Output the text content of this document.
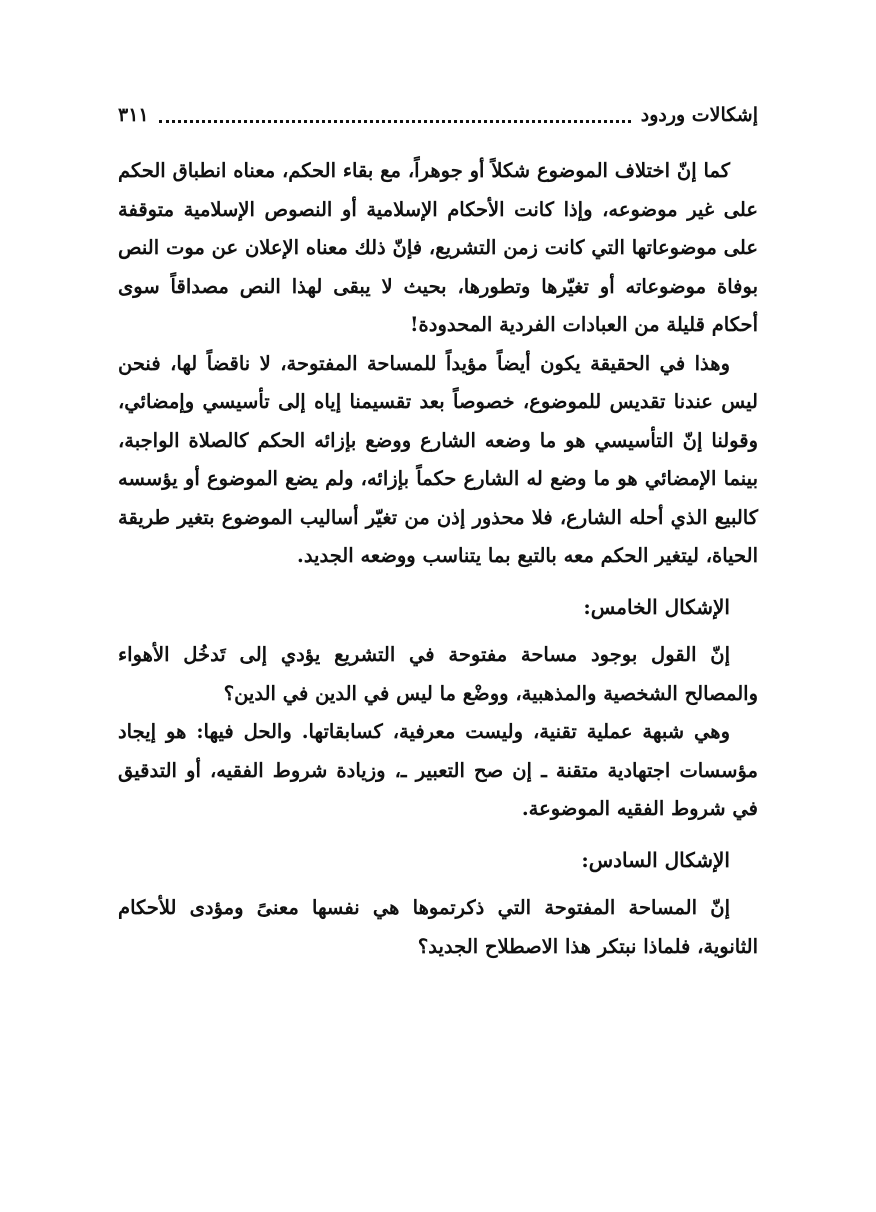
إشكالات وردود
٣١١

كما إنّ اختلاف الموضوع شكلاً أو جوهراً، مع بقاء الحكم، معناه انطباق الحكم على غير موضوعه، وإذا كانت الأحكام الإسلامية أو النصوص الإسلامية متوقفة على موضوعاتها التي كانت زمن التشريع، فإنّ ذلك معناه الإعلان عن موت النص بوفاة موضوعاته أو تغيّرها وتطورها، بحيث لا يبقى لهذا النص مصداقاً سوى أحكام قليلة من العبادات الفردية المحدودة!

وهذا في الحقيقة يكون أيضاً مؤيداً للمساحة المفتوحة، لا ناقضاً لها، فنحن ليس عندنا تقديس للموضوع، خصوصاً بعد تقسيمنا إياه إلى تأسيسي وإمضائي، وقولنا إنّ التأسيسي هو ما وضعه الشارع ووضع بإزائه الحكم كالصلاة الواجبة، بينما الإمضائي هو ما وضع له الشارع حكماً بإزائه، ولم يضع الموضوع أو يؤسسه كالبيع الذي أحله الشارع، فلا محذور إذن من تغيّر أساليب الموضوع بتغير طريقة الحياة، ليتغير الحكم معه بالتبع بما يتناسب ووضعه الجديد.

الإشكال الخامس:

إنّ القول بوجود مساحة مفتوحة في التشريع يؤدي إلى تَدخُل الأهواء والمصالح الشخصية والمذهبية، ووضْع ما ليس في الدين في الدين؟

وهي شبهة عملية تقنية، وليست معرفية، كسابقاتها. والحل فيها: هو إيجاد مؤسسات اجتهادية متقنة ـ إن صح التعبير ـ، وزيادة شروط الفقيه، أو التدقيق في شروط الفقيه الموضوعة.

الإشكال السادس:

إنّ المساحة المفتوحة التي ذكرتموها هي نفسها معنىً ومؤدى للأحكام الثانوية، فلماذا نبتكر هذا الاصطلاح الجديد؟
